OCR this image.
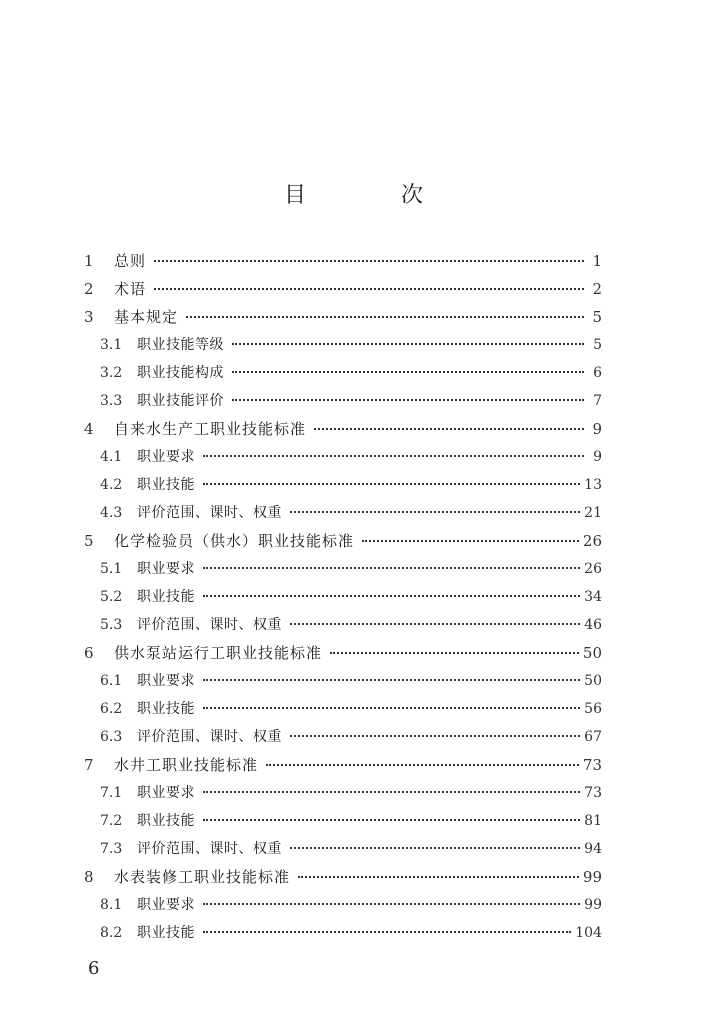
目 次
1	总则	1
2	术语	2
3	基本规定	5
3.1	职业技能等级	5
3.2	职业技能构成	6
3.3	职业技能评价	7
4	自来水生产工职业技能标准	9
4.1	职业要求	9
4.2	职业技能	13
4.3	评价范围、课时、权重	21
5	化学检验员（供水）职业技能标准	26
5.1	职业要求	26
5.2	职业技能	34
5.3	评价范围、课时、权重	46
6	供水泵站运行工职业技能标准	50
6.1	职业要求	50
6.2	职业技能	56
6.3	评价范围、课时、权重	67
7	水井工职业技能标准	73
7.1	职业要求	73
7.2	职业技能	81
7.3	评价范围、课时、权重	94
8	水表装修工职业技能标准	99
8.1	职业要求	99
8.2	职业技能	104
6
